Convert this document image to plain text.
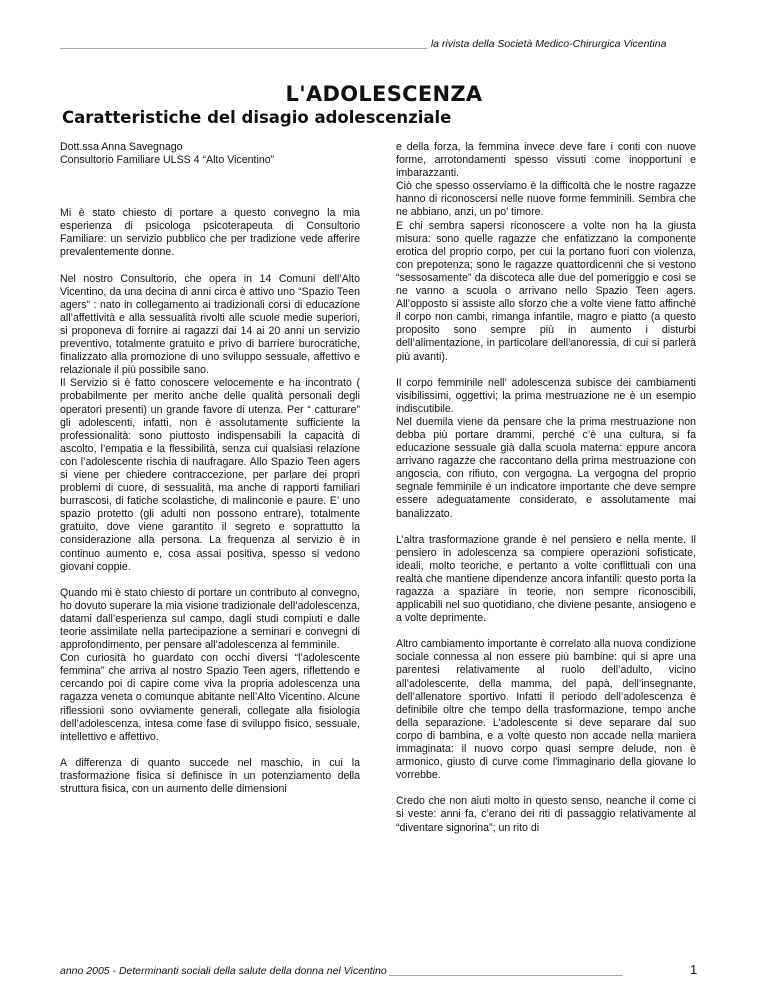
_______________________________________________________________ la rivista della Società Medico-Chirurgica Vicentina
L'ADOLESCENZA
Caratteristiche del disagio adolescenziale

Dott.ssa Anna Savegnago

Consultorio Familiare ULSS 4 “Alto Vicentino”

Mi è stato chiesto di portare a questo convegno la mia esperienza di psicologa psicoterapeuta di Consultorio Familiare: un servizio pubblico che per tradizione vede afferire prevalentemente donne.

Nel nostro Consultorio, che opera in 14 Comuni dell’Alto Vicentino, da una decina di anni circa è attivo uno “Spazio Teen agers” : nato in collegamento ai tradizionali corsi di educazione all’affettività e alla sessualità rivolti alle scuole medie superiori, si proponeva di fornire ai ragazzi dai 14 ai 20 anni un servizio preventivo, totalmente gratuito e privo di barriere burocratiche, finalizzato alla promozione di uno sviluppo sessuale, affettivo e relazionale il più possibile sano.
Il Servizio si è fatto conoscere velocemente e ha incontrato ( probabilmente per merito anche delle qualità personali degli operatori presenti) un grande favore di utenza. Per “ catturare” gli adolescenti, infatti, non è assolutamente sufficiente la professionalità: sono piuttosto indispensabili la capacità di ascolto, l’empatia e la flessibilità, senza cui qualsiasi relazione con l’adolescente rischia di naufragare. Allo Spazio Teen agers si viene per chiedere contraccezione, per parlare dei propri problemi di cuore, di sessualità, ma anche di rapporti familiari burrascosi, di fatiche scolastiche, di malinconie e paure. E’ uno spazio protetto (gli adulti non possono entrare), totalmente gratuito, dove viene garantito il segreto e soprattutto la considerazione alla persona. La frequenza al servizio è in continuo aumento e, cosa assai positiva, spesso si vedono giovani coppie.

Quando mi è stato chiesto di portare un contributo al convegno, ho dovuto superare la mia visione tradizionale dell’adolescenza, datami dall’esperienza sul campo, dagli studi compiuti e dalle teorie assimilate nella partecipazione a seminari e convegni di approfondimento, per pensare all’adolescenza al femminile.
Con curiosità ho guardato con occhi diversi “l’adolescente femmina” che arriva al nostro Spazio Teen agers, riflettendo e cercando poi di capire come viva la propria adolescenza una ragazza veneta o comunque abitante nell’Alto Vicentino. Alcune riflessioni sono ovviamente generali, collegate alla fisiologia dell’adolescenza, intesa come fase di sviluppo fisico, sessuale, intellettivo e affettivo.

A differenza di quanto succede nel maschio, in cui la trasformazione fisica si definisce in un potenziamento della struttura fisica, con un aumento delle dimensioni

e della forza, la femmina invece deve fare i conti con nuove forme, arrotondamenti spesso vissuti come inopportuni e imbarazzanti.
Ciò che spesso osserviamo è la difficoltà che le nostre ragazze hanno di riconoscersi nelle nuove forme femminili. Sembra che ne abbiano, anzi, un po’ timore.
E chi sembra sapersi riconoscere a volte non ha la giusta misura: sono quelle ragazze che enfatizzano la componente erotica del proprio corpo, per cui la portano fuori con violenza, con prepotenza; sono le ragazze quattordicenni che si vestono “sessosamente” da discoteca alle due del pomeriggio e così se ne vanno a scuola o arrivano nello Spazio Teen agers. All’opposto si assiste allo sforzo che a volte viene fatto affinchè il corpo non cambi, rimanga infantile, magro e piatto (a questo proposito sono sempre più in aumento i disturbi dell’alimentazione, in particolare dell’anoressia, di cui si parlerà più avanti).

Il corpo femminile nell’ adolescenza subisce dei cambiamenti visibilissimi, oggettivi; la prima mestruazione ne è un esempio indiscutibile.
Nel duemila viene da pensare che la prima mestruazione non debba più portare drammi, perché c’è una cultura, si fa educazione sessuale già dalla scuola materna: eppure ancora arrivano ragazze che raccontano della prima mestruazione con angoscia, con rifiuto, con vergogna. La vergogna del proprio segnale femminile è un indicatore importante che deve sempre essere adeguatamente considerato, e assolutamente mai banalizzato.

L’altra trasformazione grande è nel pensiero e nella mente. Il pensiero in adolescenza sa compiere operazioni sofisticate, ideali, molto teoriche, e pertanto a volte conflittuali con una realtà che mantiene dipendenze ancora infantili: questo porta la ragazza a spaziare in teorie, non sempre riconoscibili, applicabili nel suo quotidiano, che diviene pesante, ansiogeno e a volte deprimente.

Altro cambiamento importante è correlato alla nuova condizione sociale connessa al non essere più bambine: qui si apre una parentesi relativamente al ruolo dell’adulto, vicino all’adolescente, della mamma, del papà, dell’insegnante, dell’allenatore sportivo. Infatti il periodo dell’adolescenza è definibile oltre che tempo della trasformazione, tempo anche della separazione. L’adolescente si deve separare dal suo corpo di bambina, e a volte questo non accade nella maniera immaginata: il nuovo corpo quasi sempre delude, non è armonico, giusto di curve come l'immaginario della giovane lo vorrebbe.

Credo che non aiuti molto in questo senso, neanche il come ci si veste: anni fa, c’erano dei riti di passaggio relativamente al “diventare signorina”; un rito di

anno 2005 - Determinanti sociali della salute della donna nel Vicentino ________________________________________	1
